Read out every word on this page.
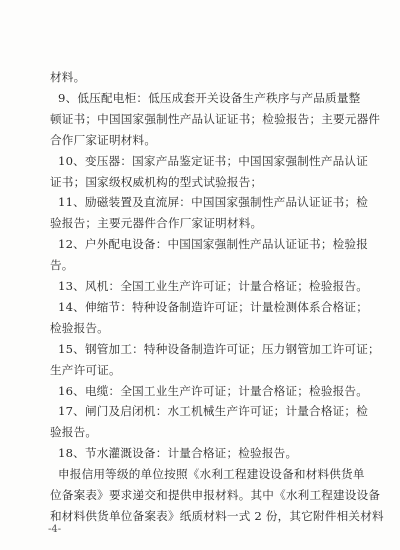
材料。
9、低压配电柜：低压成套开关设备生产秩序与产品质量整
顿证书；中国国家强制性产品认证证书；检验报告；主要元器件
合作厂家证明材料。
10、变压器：国家产品鉴定证书；中国国家强制性产品认证
证书；国家级权威机构的型式试验报告；
11、励磁装置及直流屏：中国国家强制性产品认证证书；检
验报告；主要元器件合作厂家证明材料。
12、户外配电设备：中国国家强制性产品认证证书；检验报
告。
13、风机：全国工业生产许可证；计量合格证；检验报告。
14、伸缩节：特种设备制造许可证；计量检测体系合格证；
检验报告。
15、钢管加工：特种设备制造许可证；压力钢管加工许可证；
生产许可证。
16、电缆：全国工业生产许可证；计量合格证；检验报告。
17、闸门及启闭机：水工机械生产许可证；计量合格证；检
验报告。
18、节水灌溉设备：计量合格证；检验报告。
申报信用等级的单位按照《水利工程建设设备和材料供货单
位备案表》要求递交和提供申报材料。其中《水利工程建设设备
和材料供货单位备案表》纸质材料一式 2 份，其它附件相关材料
-4-
